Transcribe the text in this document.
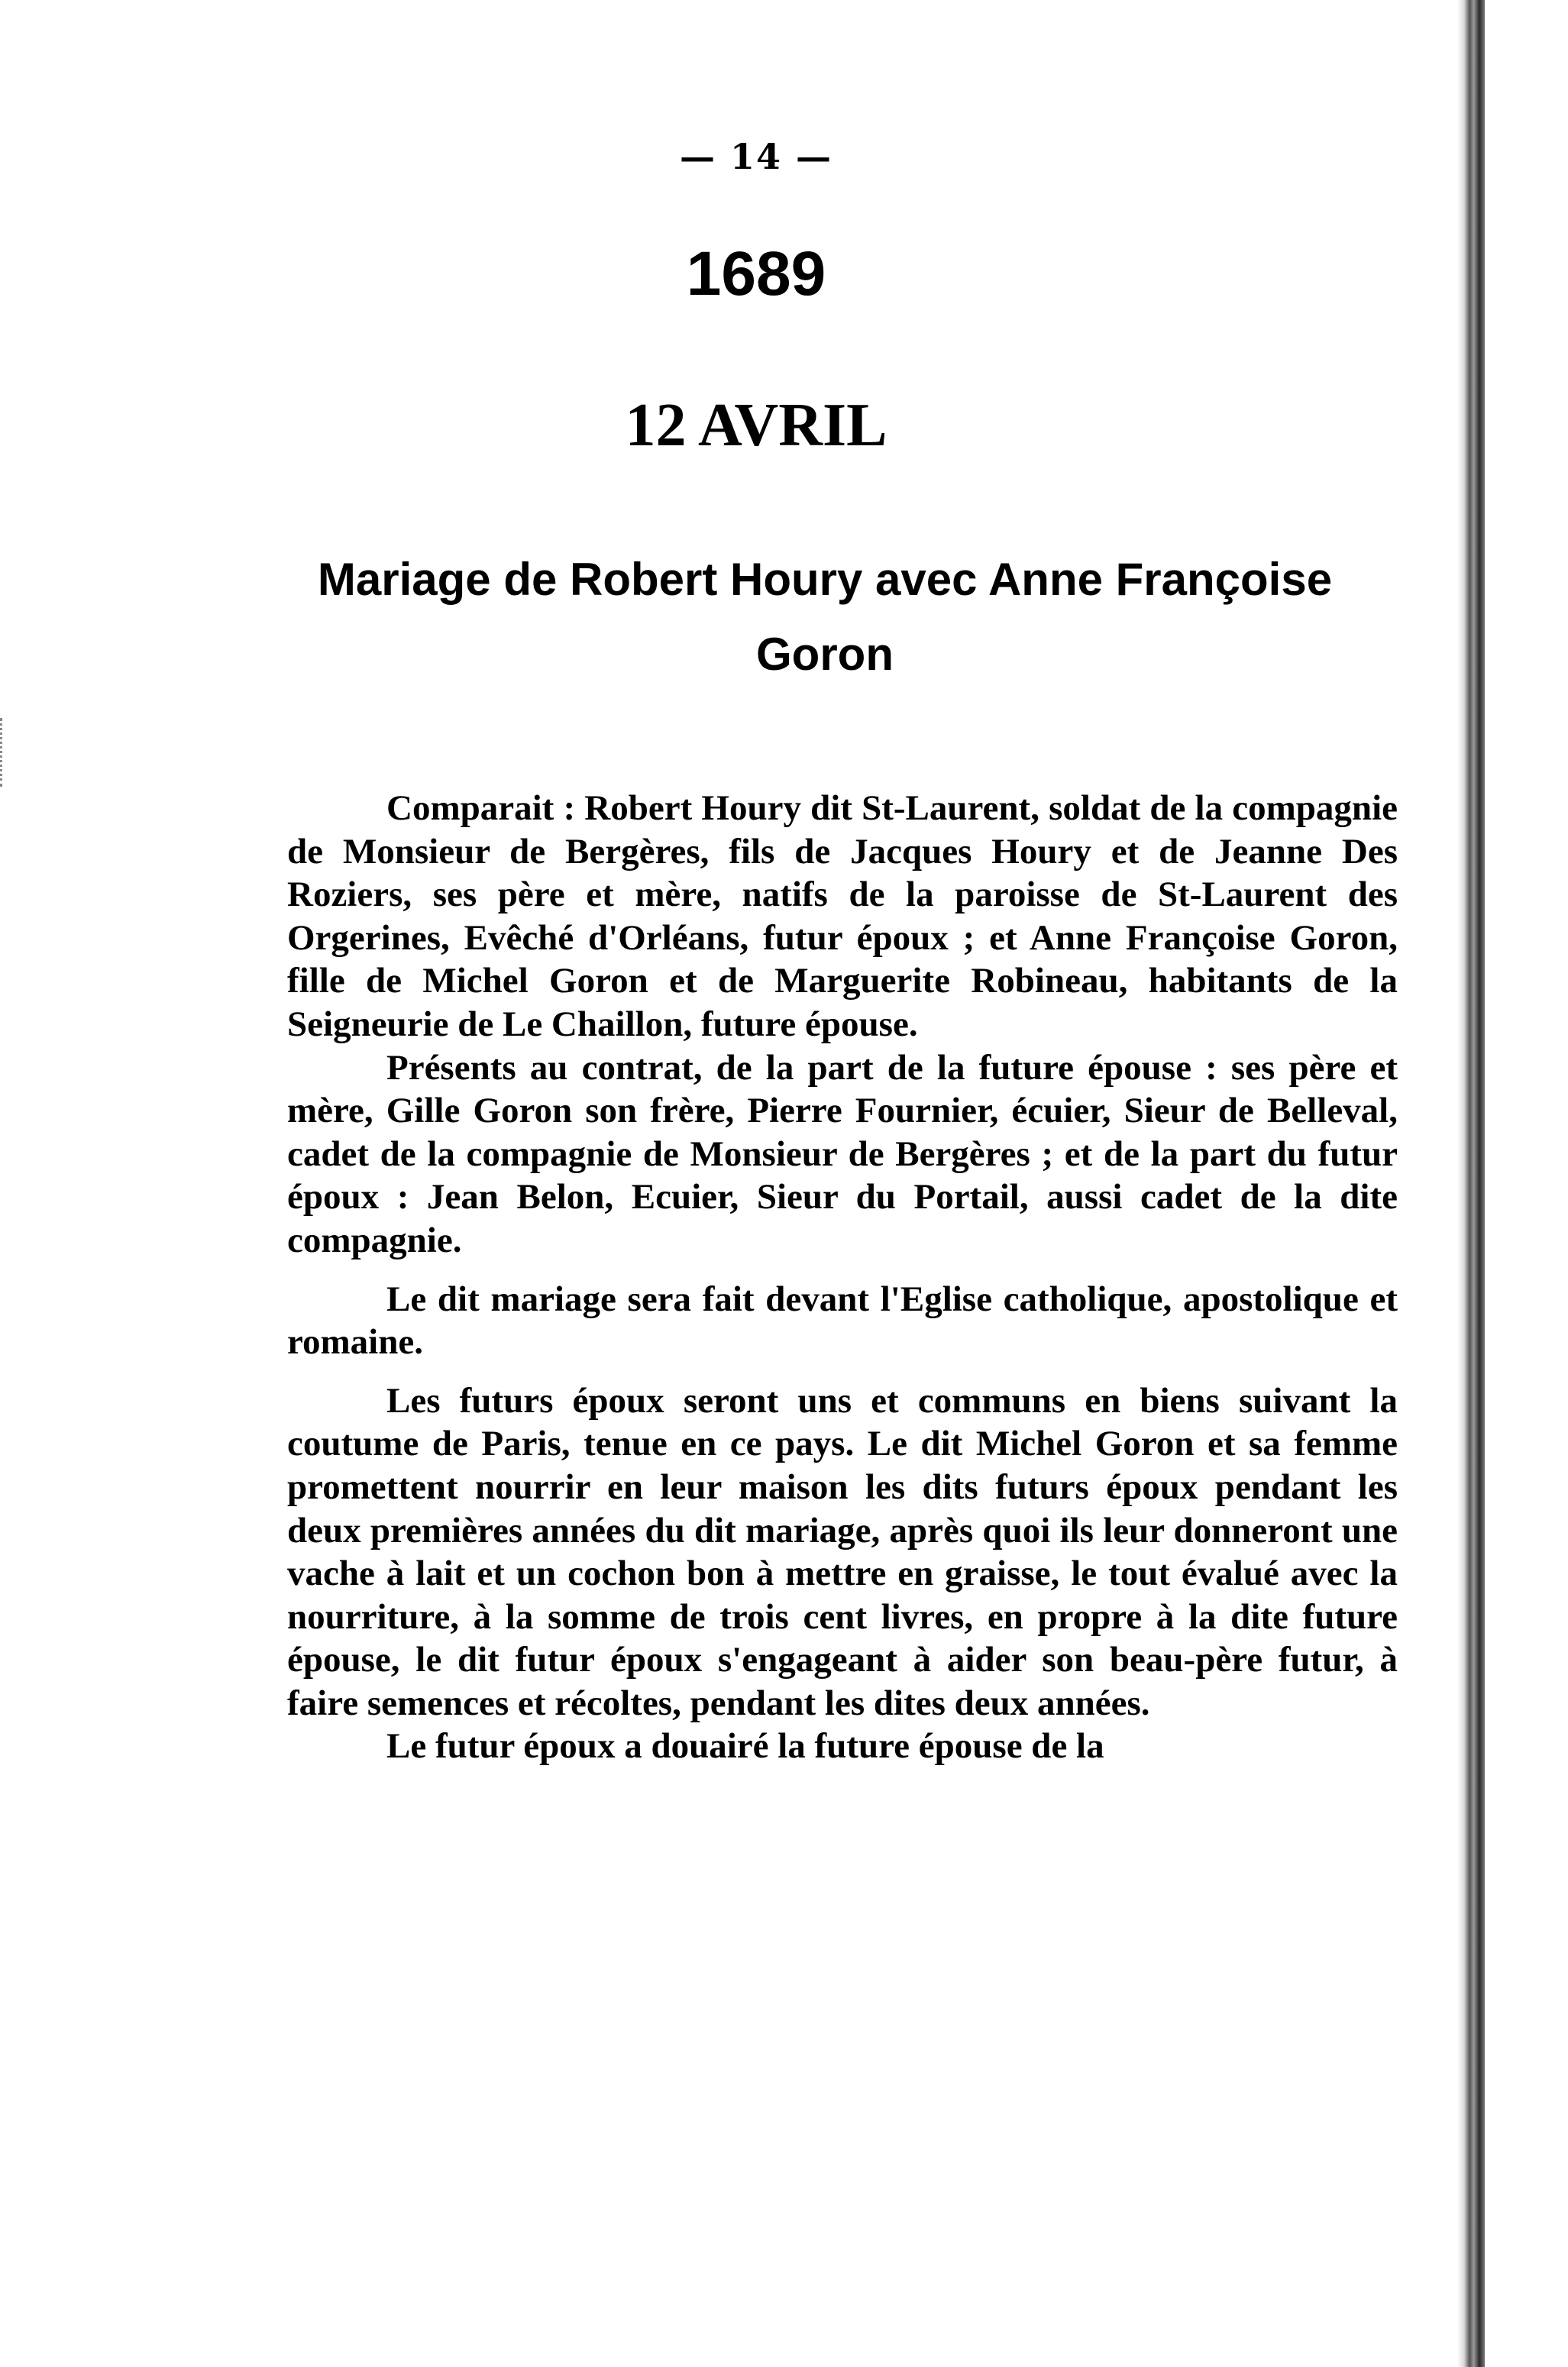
— 14 —
1689
12 AVRIL
Mariage de Robert Houry avec Anne Françoise Goron

Comparait : Robert Houry dit St-Laurent, soldat de la compagnie de Monsieur de Bergères, fils de Jacques Houry et de Jeanne Des Roziers, ses père et mère, natifs de la paroisse de St-Laurent des Orgerines, Evêché d'Orléans, futur époux ; et Anne Françoise Goron, fille de Michel Goron et de Marguerite Robineau, habitants de la Seigneurie de Le Chaillon, future épouse.

Présents au contrat, de la part de la future épouse : ses père et mère, Gille Goron son frère, Pierre Fournier, écuier, Sieur de Belleval, cadet de la compagnie de Monsieur de Bergères ; et de la part du futur époux : Jean Belon, Ecuier, Sieur du Portail, aussi cadet de la dite compagnie.

Le dit mariage sera fait devant l'Eglise catholique, apostolique et romaine.

Les futurs époux seront uns et communs en biens suivant la coutume de Paris, tenue en ce pays. Le dit Michel Goron et sa femme promettent nourrir en leur maison les dits futurs époux pendant les deux premières années du dit mariage, après quoi ils leur donneront une vache à lait et un cochon bon à mettre en graisse, le tout évalué avec la nourriture, à la somme de trois cent livres, en propre à la dite future épouse, le dit futur époux s'engageant à aider son beau-père futur, à faire semences et récoltes, pendant les dites deux années.

Le futur époux a douairé la future épouse de la
